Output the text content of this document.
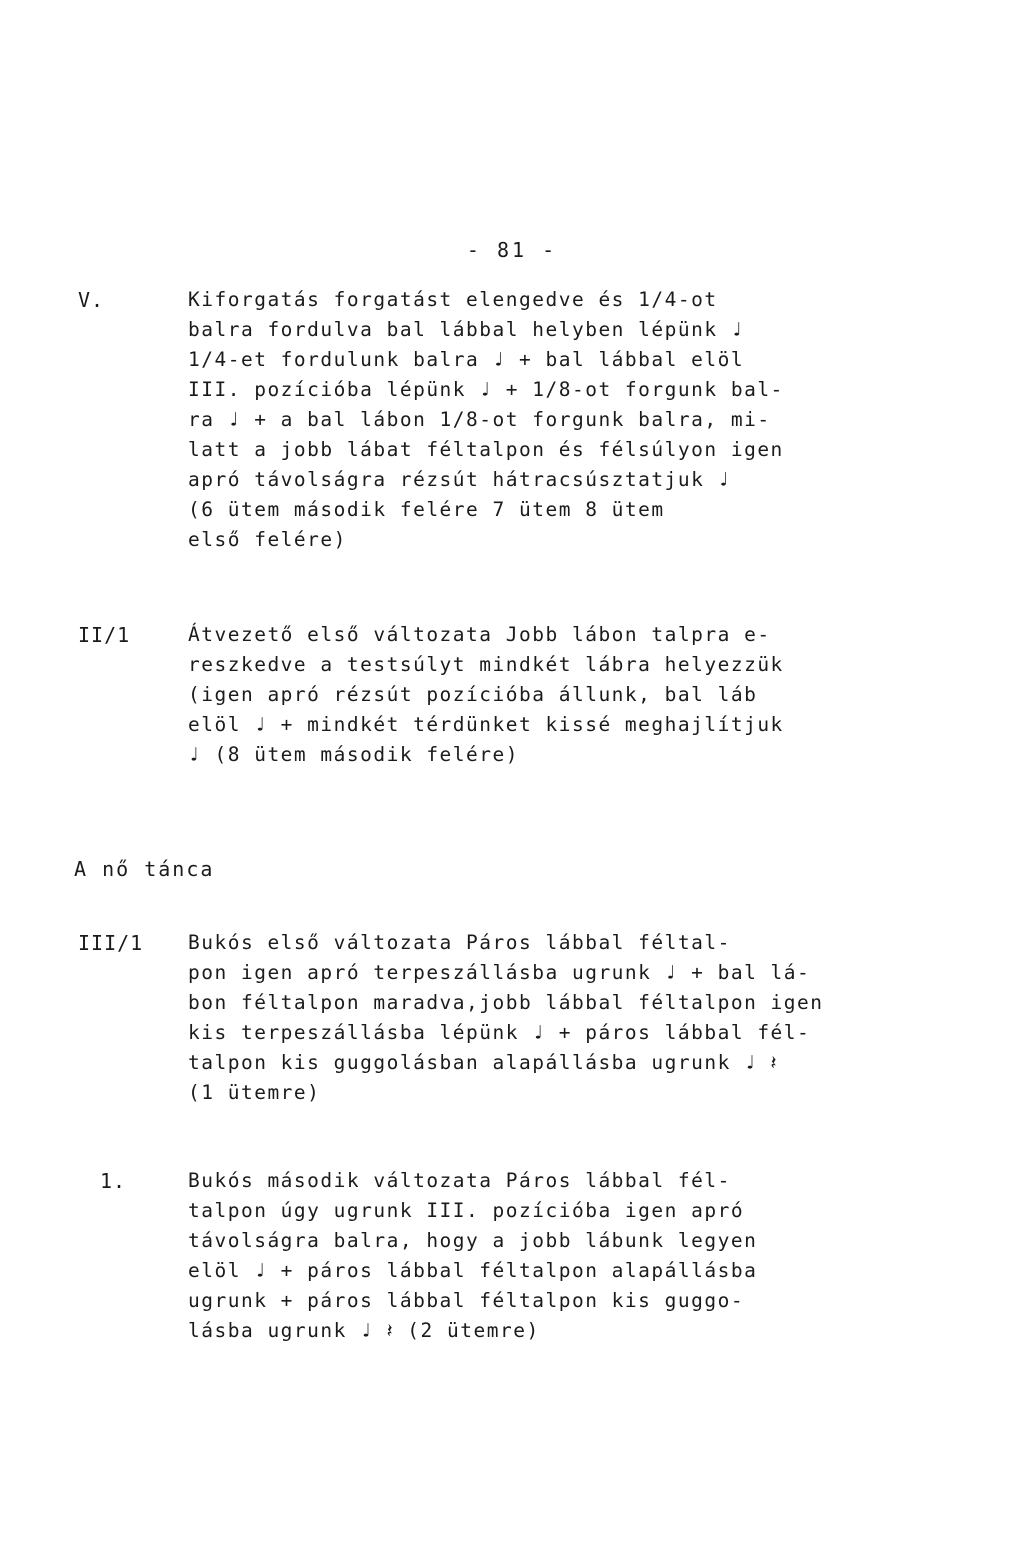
- 81 -
V.	Kiforgatás forgatást elengedve és 1/4-ot
balra fordulva bal lábbal helyben lépünk ♩
1/4-et fordulunk balra ♩ + bal lábbal elöl
III. pozícióba lépünk ♩ + 1/8-ot forgunk bal-
ra ♩ + a bal lábon 1/8-ot forgunk balra, mi-
latt a jobb lábat féltalpon és félsúlyon igen
apró távolságra rézsút hátracsúsztatjuk ♩
(6 ütem második felére 7 ütem 8 ütem
első felére)
II/1	Átvezető első változata Jobb lábon talpra e-
reszkedve a testsúlyt mindkét lábra helyezzük
(igen apró rézsút pozícióba állunk, bal láb
elöl ♩ + mindkét térdünket kissé meghajlítjuk
♩ (8 ütem második felére)
A nő tánca
III/1 Bukós első változata Páros lábbal féltal-
pon igen apró terpeszállásba ugrunk ♩ + bal lá-
bon féltalpon maradva,jobb lábbal féltalpon igen
kis terpeszállásba lépünk ♩ + páros lábbal fél-
talpon kis guggolásban alapállásba ugrunk ♩ 𝄽
(1 ütemre)
1.	Bukós második változata Páros lábbal fél-
talpon úgy ugrunk III. pozícióba igen apró
távolságra balra, hogy a jobb lábunk legyen
elöl ♩ + páros lábbal féltalpon alapállásba
ugrunk + páros lábbal féltalpon kis guggo-
lásba ugrunk ♩ 𝄽 (2 ütemre)
